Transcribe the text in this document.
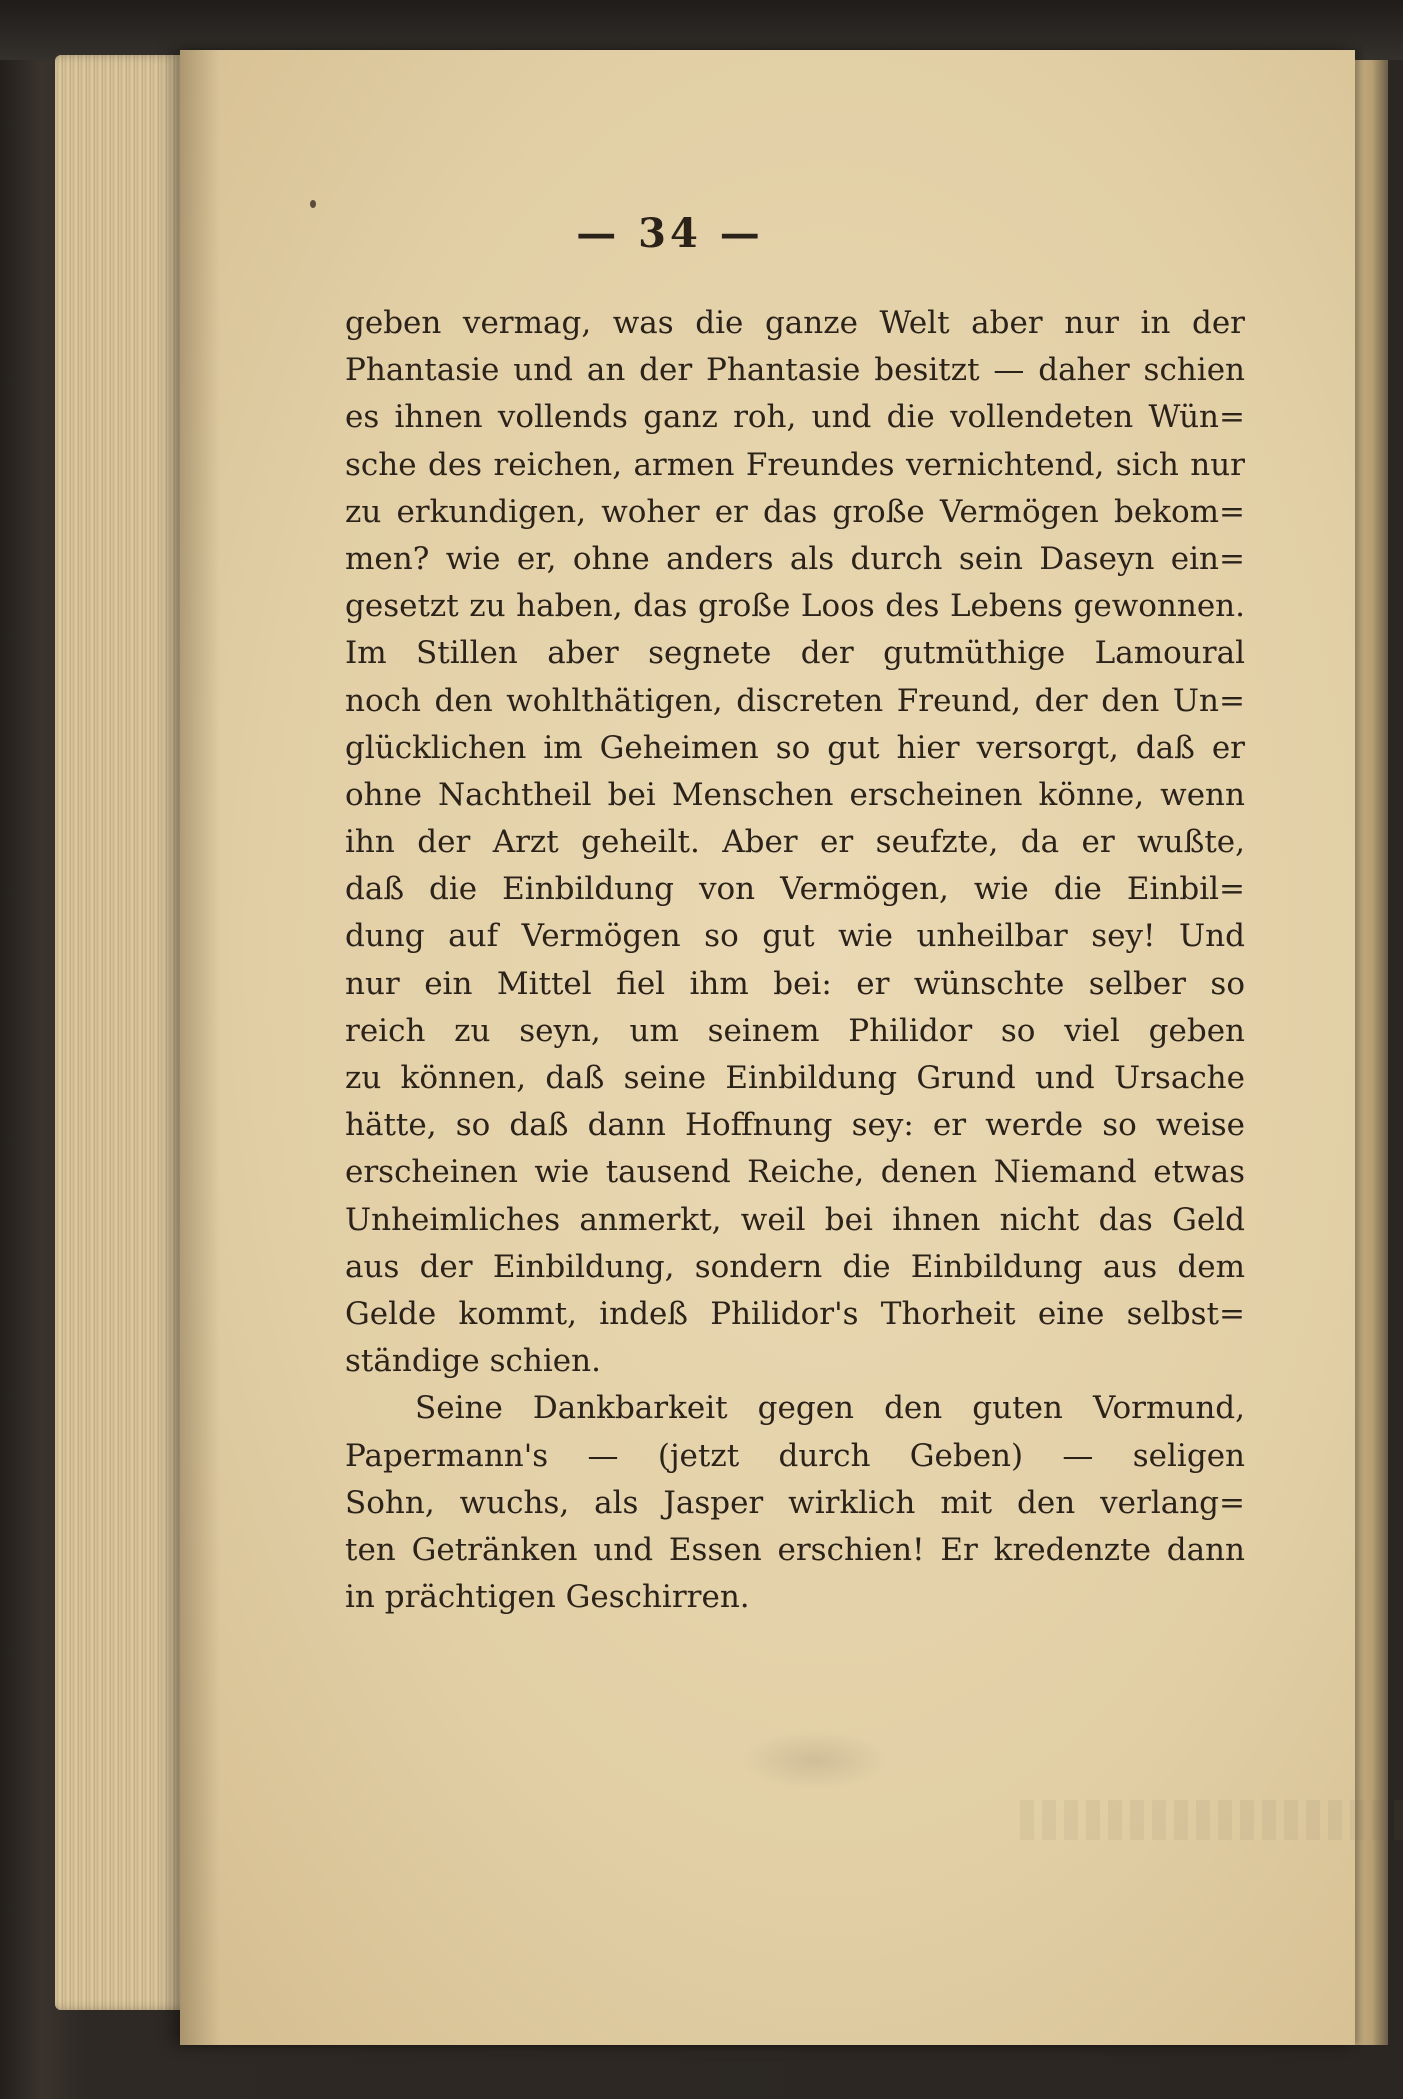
— 34 —
geben vermag, was die ganze Welt aber nur in der
Phantasie und an der Phantasie besitzt — daher schien
es ihnen vollends ganz roh, und die vollendeten Wün=
sche des reichen, armen Freundes vernichtend, sich nur
zu erkundigen, woher er das große Vermögen bekom=
men? wie er, ohne anders als durch sein Daseyn ein=
gesetzt zu haben, das große Loos des Lebens gewonnen.
Im Stillen aber segnete der gutmüthige Lamoural
noch den wohlthätigen, discreten Freund, der den Un=
glücklichen im Geheimen so gut hier versorgt, daß er
ohne Nachtheil bei Menschen erscheinen könne, wenn
ihn der Arzt geheilt. Aber er seufzte, da er wußte,
daß die Einbildung von Vermögen, wie die Einbil=
dung auf Vermögen so gut wie unheilbar sey! Und
nur ein Mittel fiel ihm bei: er wünschte selber so
reich zu seyn, um seinem Philidor so viel geben
zu können, daß seine Einbildung Grund und Ursache
hätte, so daß dann Hoffnung sey: er werde so weise
erscheinen wie tausend Reiche, denen Niemand etwas
Unheimliches anmerkt, weil bei ihnen nicht das Geld
aus der Einbildung, sondern die Einbildung aus dem
Gelde kommt, indeß Philidor's Thorheit eine selbst=
ständige schien.
Seine Dankbarkeit gegen den guten Vormund,
Papermann's — (jetzt durch Geben) — seligen
Sohn, wuchs, als Jasper wirklich mit den verlang=
ten Getränken und Essen erschien! Er kredenzte dann
in prächtigen Geschirren.
